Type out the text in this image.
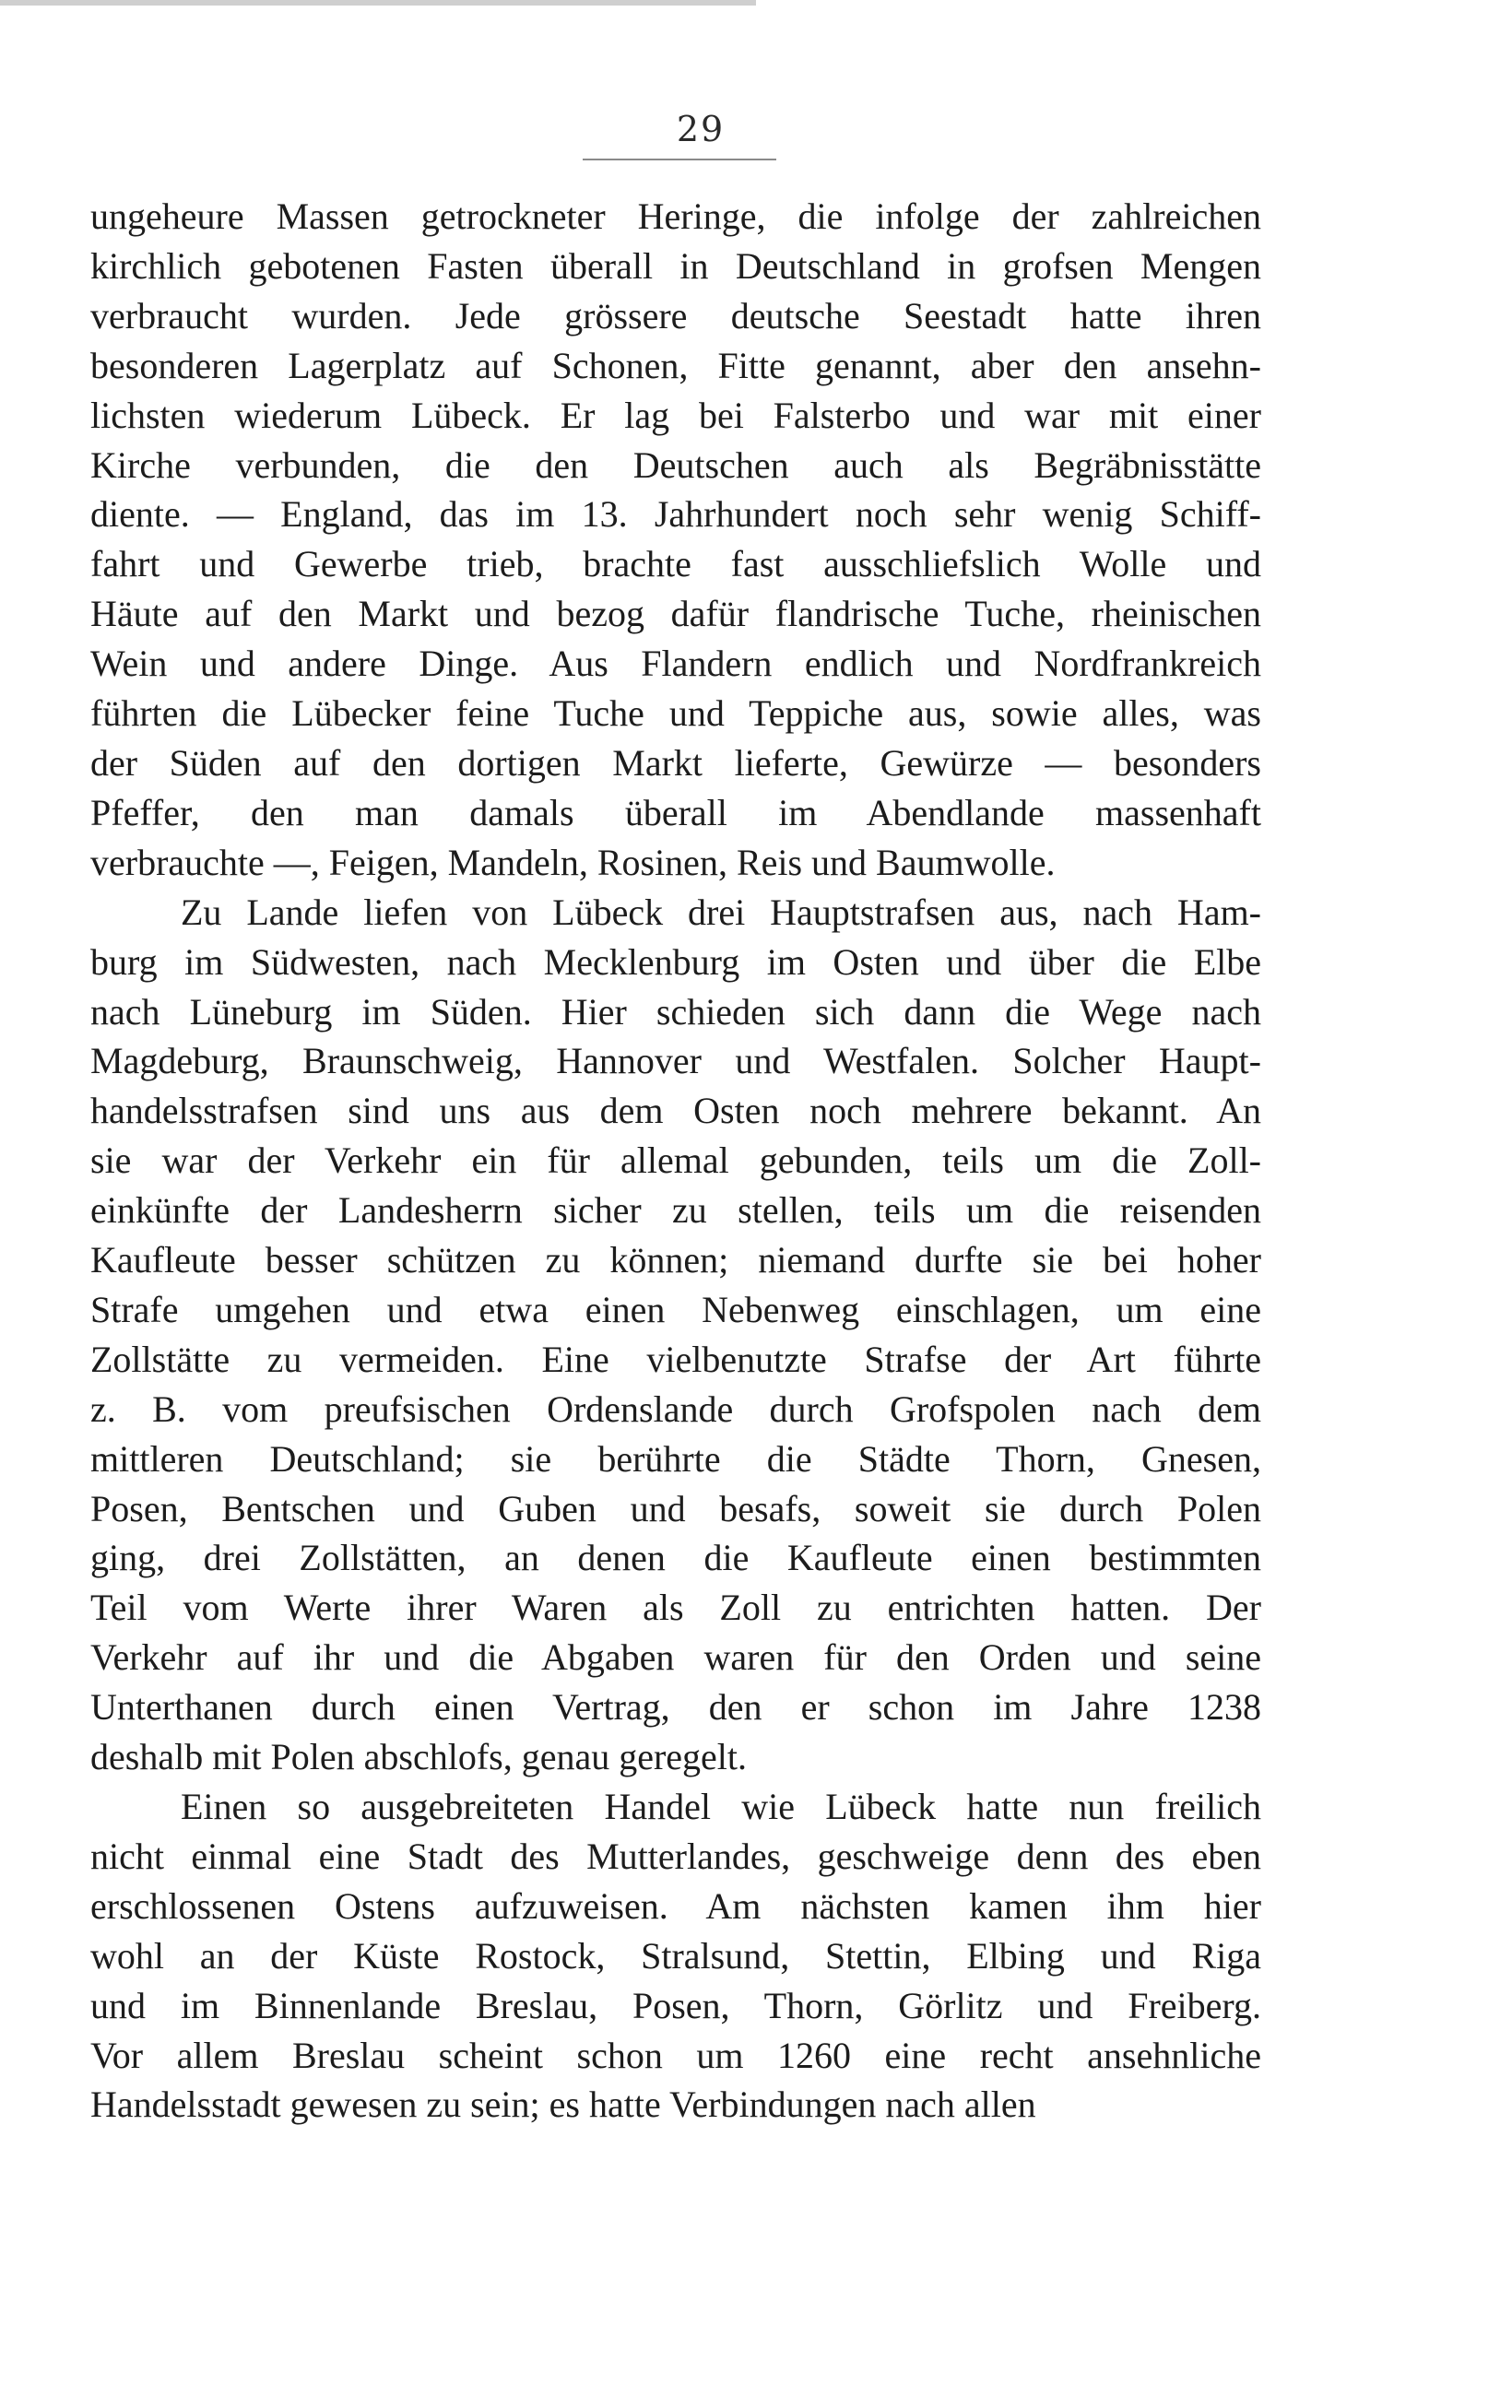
29
ungeheure Massen getrockneter Heringe, die infolge der zahlreichen
kirchlich gebotenen Fasten überall in Deutschland in grofsen Mengen
verbraucht wurden. Jede grössere deutsche Seestadt hatte ihren
besonderen Lagerplatz auf Schonen, Fitte genannt, aber den ansehn-
lichsten wiederum Lübeck. Er lag bei Falsterbo und war mit einer
Kirche verbunden, die den Deutschen auch als Begräbnisstätte
diente. — England, das im 13. Jahrhundert noch sehr wenig Schiff-
fahrt und Gewerbe trieb, brachte fast ausschliefslich Wolle und
Häute auf den Markt und bezog dafür flandrische Tuche, rheinischen
Wein und andere Dinge. Aus Flandern endlich und Nordfrankreich
führten die Lübecker feine Tuche und Teppiche aus, sowie alles, was
der Süden auf den dortigen Markt lieferte, Gewürze — besonders
Pfeffer, den man damals überall im Abendlande massenhaft
verbrauchte —, Feigen, Mandeln, Rosinen, Reis und Baumwolle.
Zu Lande liefen von Lübeck drei Hauptstrafsen aus, nach Ham-
burg im Südwesten, nach Mecklenburg im Osten und über die Elbe
nach Lüneburg im Süden. Hier schieden sich dann die Wege nach
Magdeburg, Braunschweig, Hannover und Westfalen. Solcher Haupt-
handelsstrafsen sind uns aus dem Osten noch mehrere bekannt. An
sie war der Verkehr ein für allemal gebunden, teils um die Zoll-
einkünfte der Landesherrn sicher zu stellen, teils um die reisenden
Kaufleute besser schützen zu können; niemand durfte sie bei hoher
Strafe umgehen und etwa einen Nebenweg einschlagen, um eine
Zollstätte zu vermeiden. Eine vielbenutzte Strafse der Art führte
z. B. vom preufsischen Ordenslande durch Grofspolen nach dem
mittleren Deutschland; sie berührte die Städte Thorn, Gnesen,
Posen, Bentschen und Guben und besafs, soweit sie durch Polen
ging, drei Zollstätten, an denen die Kaufleute einen bestimmten
Teil vom Werte ihrer Waren als Zoll zu entrichten hatten. Der
Verkehr auf ihr und die Abgaben waren für den Orden und seine
Unterthanen durch einen Vertrag, den er schon im Jahre 1238
deshalb mit Polen abschlofs, genau geregelt.
Einen so ausgebreiteten Handel wie Lübeck hatte nun freilich
nicht einmal eine Stadt des Mutterlandes, geschweige denn des eben
erschlossenen Ostens aufzuweisen. Am nächsten kamen ihm hier
wohl an der Küste Rostock, Stralsund, Stettin, Elbing und Riga
und im Binnenlande Breslau, Posen, Thorn, Görlitz und Freiberg.
Vor allem Breslau scheint schon um 1260 eine recht ansehnliche
Handelsstadt gewesen zu sein; es hatte Verbindungen nach allen
